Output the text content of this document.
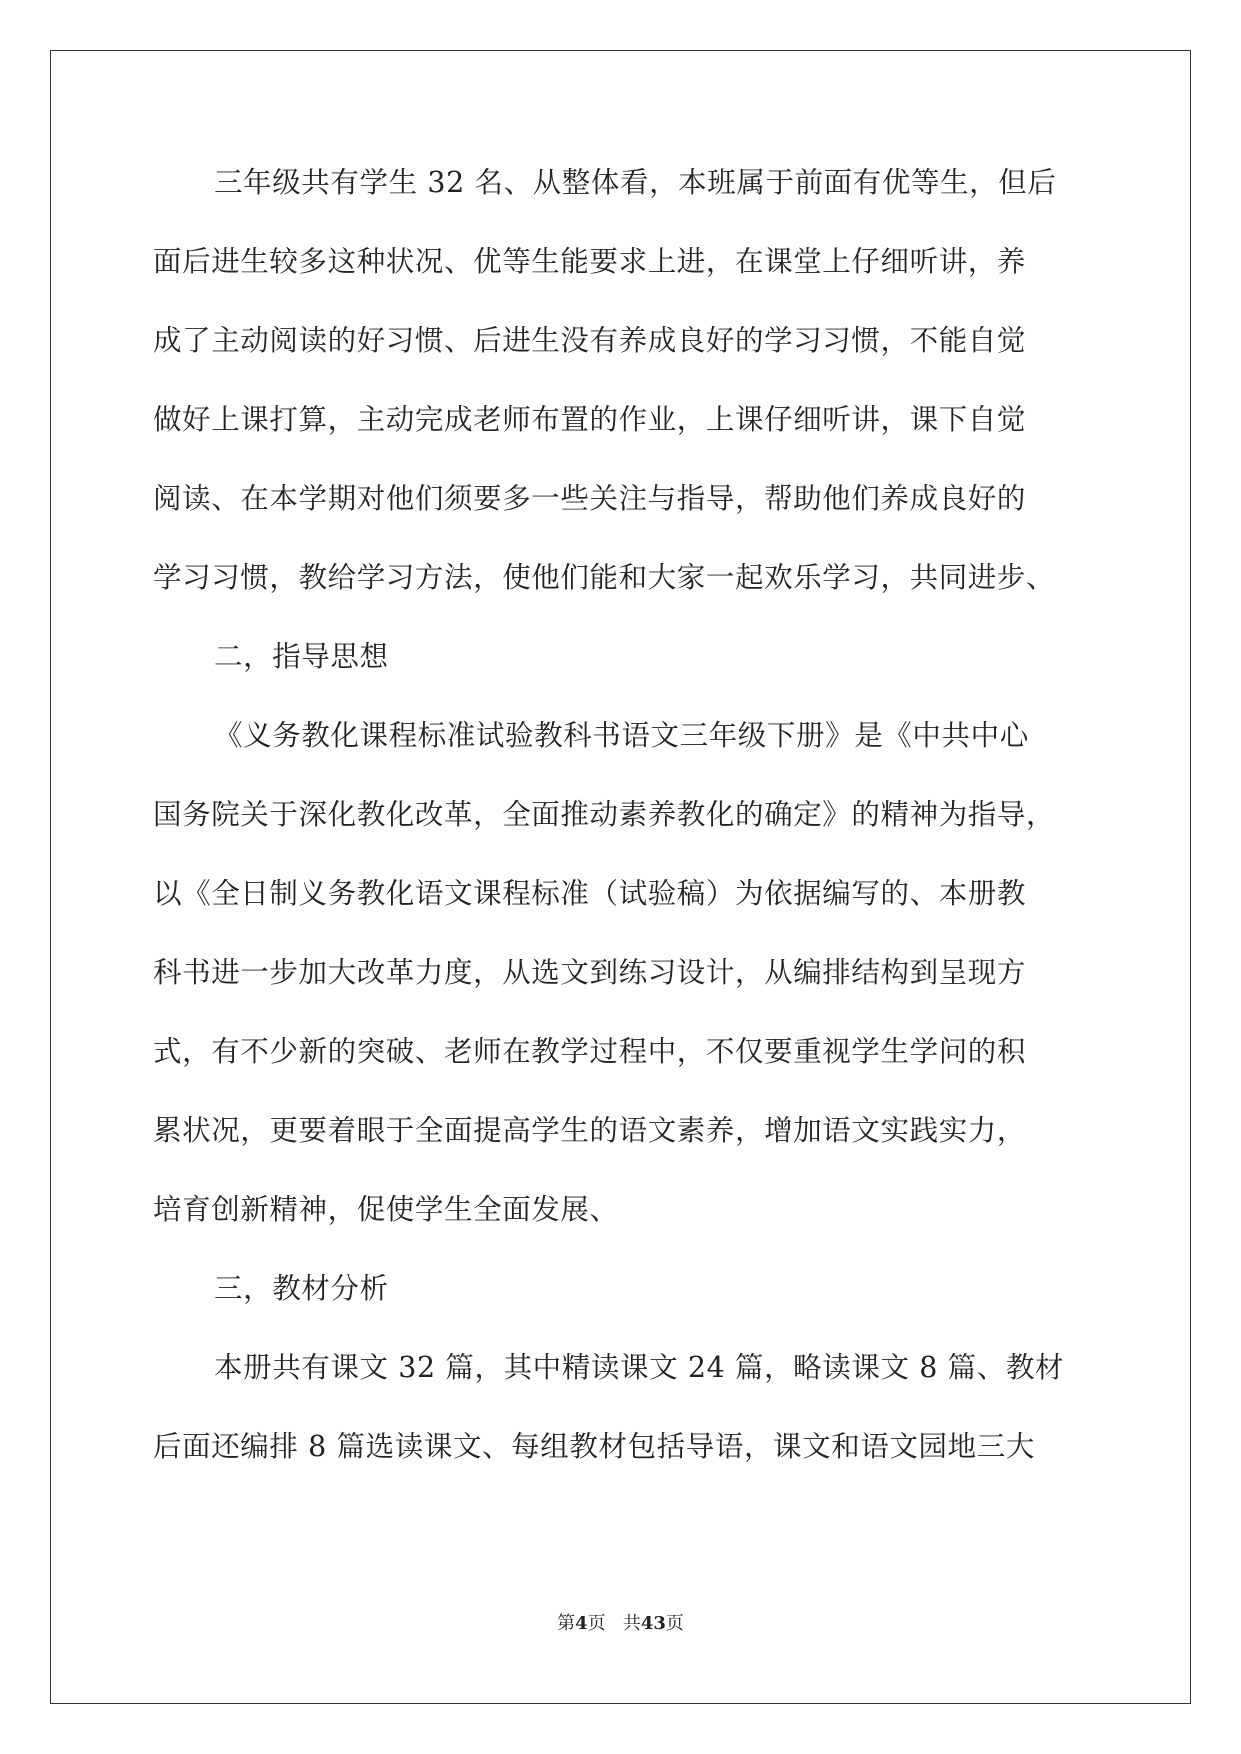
三年级共有学生 32 名、从整体看，本班属于前面有优等生，但后
面后进生较多这种状况、优等生能要求上进，在课堂上仔细听讲，养
成了主动阅读的好习惯、后进生没有养成良好的学习习惯，不能自觉
做好上课打算，主动完成老师布置的作业，上课仔细听讲，课下自觉
阅读、在本学期对他们须要多一些关注与指导，帮助他们养成良好的
学习习惯，教给学习方法，使他们能和大家一起欢乐学习，共同进步、
二，指导思想
《义务教化课程标准试验教科书语文三年级下册》是《中共中心
国务院关于深化教化改革，全面推动素养教化的确定》的精神为指导，
以《全日制义务教化语文课程标准（试验稿）为依据编写的、本册教
科书进一步加大改革力度，从选文到练习设计，从编排结构到呈现方
式，有不少新的突破、老师在教学过程中，不仅要重视学生学问的积
累状况，更要着眼于全面提高学生的语文素养，增加语文实践实力，
培育创新精神，促使学生全面发展、
三，教材分析
本册共有课文 32 篇，其中精读课文 24 篇，略读课文 8 篇、教材
后面还编排 8 篇选读课文、每组教材包括导语，课文和语文园地三大
第4页 共43页
